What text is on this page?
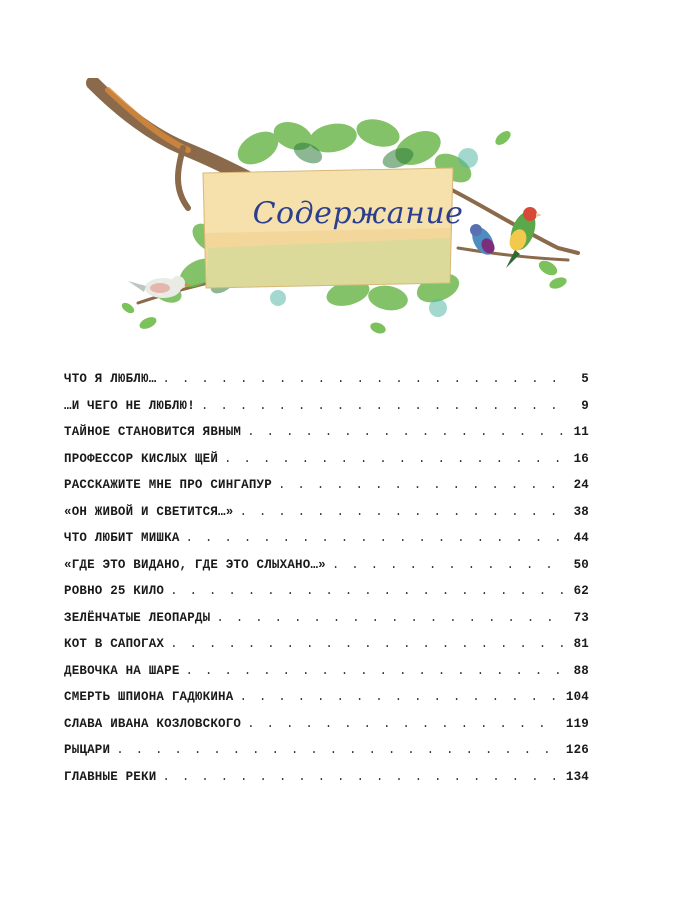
Содержание
ЧТО Я ЛЮБЛЮ… . . .	5
…И ЧЕГО НЕ ЛЮБЛЮ! . . .	9
ТАЙНОЕ СТАНОВИТСЯ ЯВНЫМ . . .	11
ПРОФЕССОР КИСЛЫХ ЩЕЙ . . .	16
РАССКАЖИТЕ МНЕ ПРО СИНГАПУР . . .	24
«ОН ЖИВОЙ И СВЕТИТСЯ…» . . .	38
ЧТО ЛЮБИТ МИШКА . . .	44
«ГДЕ ЭТО ВИДАНО, ГДЕ ЭТО СЛЫХАНО…» . . .	50
РОВНО 25 КИЛО . . .	62
ЗЕЛЁНЧАТЫЕ ЛЕОПАРДЫ . . .	73
КОТ В САПОГАХ . . .	81
ДЕВОЧКА НА ШАРЕ . . .	88
СМЕРТЬ ШПИОНА ГАДЮКИНА . . .	104
СЛАВА ИВАНА КОЗЛОВСКОГО . . .	119
РЫЦАРИ . . .	126
ГЛАВНЫЕ РЕКИ . . .	134
